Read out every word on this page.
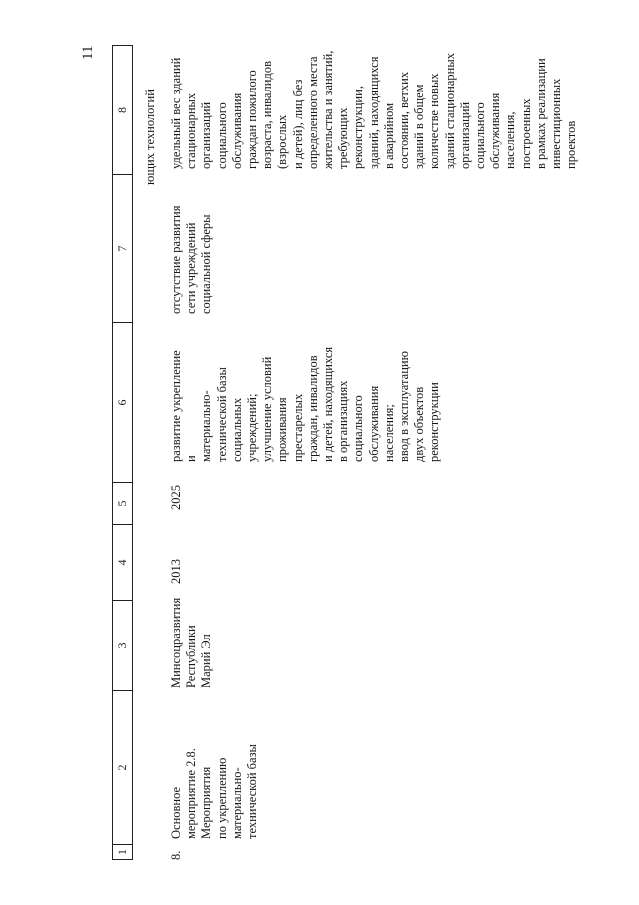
11
ющих технологий
1
2
3
4
5
6
7
8
8.
Основное
мероприятие 2.8.
Мероприятия
по укреплению
материально-
технической базы
Минсоцразвития
Республики
Марий Эл
2013
2025
развитие укрепление
и
материально-
технической базы
социальных
учреждений;
улучшение условий
проживания
престарелых
граждан, инвалидов
и детей, находящихся
в организациях
социального
обслуживания
населения;
ввод в эксплуатацию
двух объектов
реконструкции
отсутствие развития
сети учреждений
социальной сферы
удельный вес зданий
стационарных
организаций
социального
обслуживания
граждан пожилого
возраста, инвалидов
(взрослых
и детей), лиц без
определенного места
жительства и занятий,
требующих
реконструкции,
зданий, находящихся
в аварийном
состоянии, ветхих
зданий в общем
количестве новых
зданий стационарных
организаций
социального
обслуживания
населения,
построенных
в рамках реализации
инвестиционных
проектов
